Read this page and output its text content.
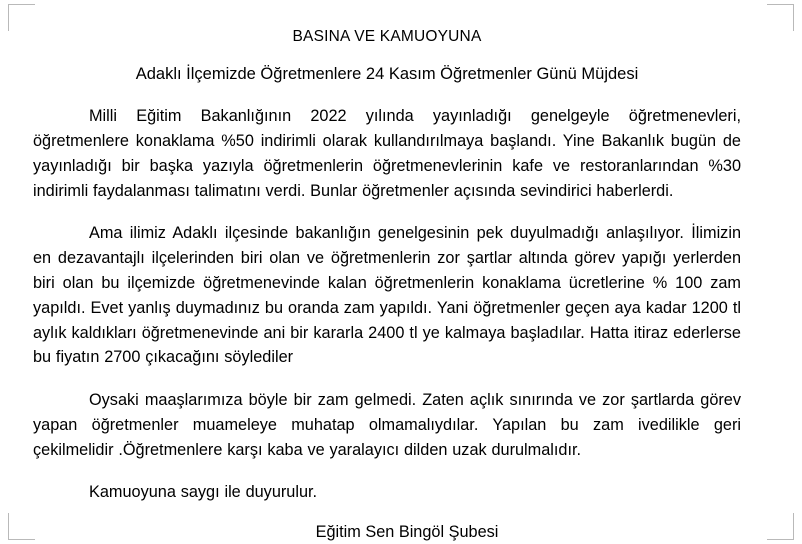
BASINA VE KAMUOYUNA
Adaklı İlçemizde Öğretmenlere 24 Kasım Öğretmenler Günü Müjdesi

Milli Eğitim Bakanlığının 2022 yılında yayınladığı genelgeyle öğretmenevleri, öğretmenlere konaklama %50 indirimli olarak kullandırılmaya başlandı. Yine Bakanlık bugün de yayınladığı bir başka yazıyla öğretmenlerin öğretmenevlerinin kafe ve restoranlarından %30 indirimli faydalanması talimatını verdi. Bunlar öğretmenler açısında sevindirici haberlerdi.

Ama ilimiz Adaklı ilçesinde bakanlığın genelgesinin pek duyulmadığı anlaşılıyor. İlimizin en dezavantajlı ilçelerinden biri olan ve öğretmenlerin zor şartlar altında görev yapığı yerlerden biri olan bu ilçemizde öğretmenevinde kalan öğretmenlerin konaklama ücretlerine % 100 zam yapıldı. Evet yanlış duymadınız bu oranda zam yapıldı. Yani öğretmenler geçen aya kadar 1200 tl aylık kaldıkları öğretmenevinde ani bir kararla 2400 tl ye kalmaya başladılar. Hatta itiraz ederlerse bu fiyatın 2700 çıkacağını söylediler

Oysaki maaşlarımıza böyle bir zam gelmedi. Zaten açlık sınırında ve zor şartlarda görev yapan öğretmenler muameleye muhatap olmamalıydılar. Yapılan bu zam ivedilikle geri çekilmelidir .Öğretmenlere karşı kaba ve yaralayıcı dilden uzak durulmalıdır.

Kamuoyuna saygı ile duyurulur.

Eğitim Sen Bingöl Şubesi
